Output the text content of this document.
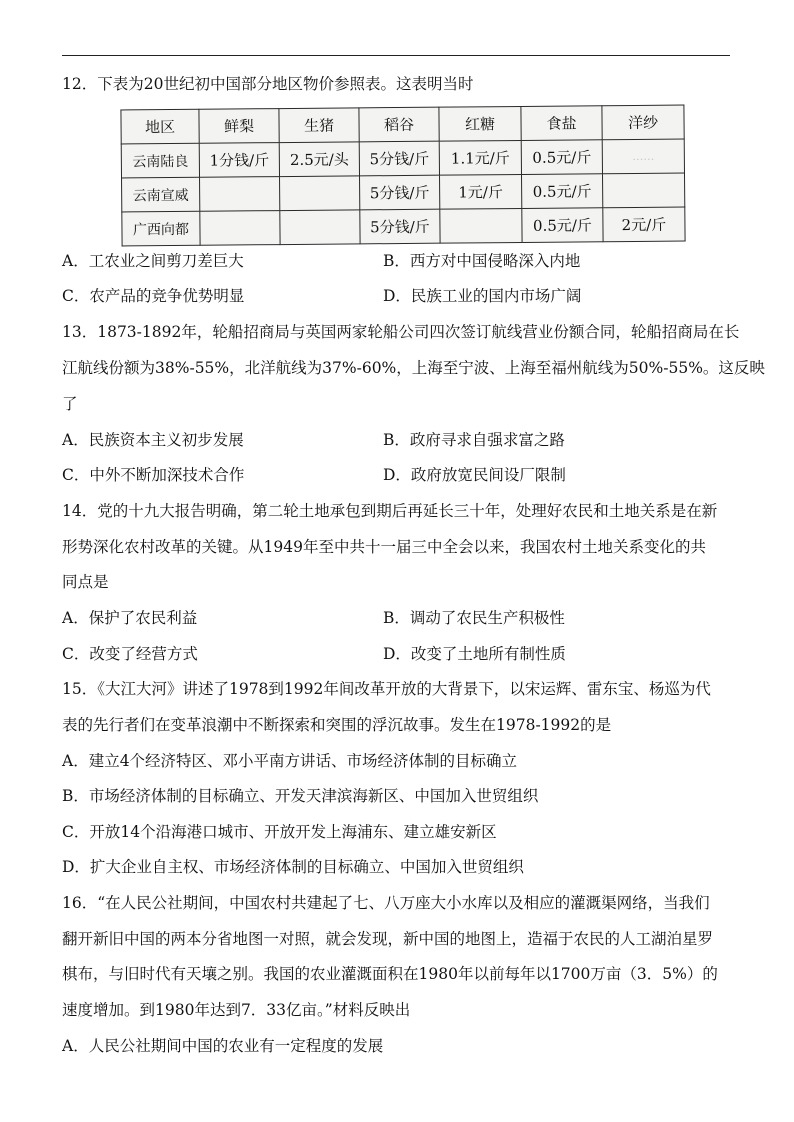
12．下表为20世纪初中国部分地区物价参照表。这表明当时
地区	鲜梨	生猪	稻谷	红糖	食盐	洋纱
云南陆良	1分钱/斤	2.5元/头	5分钱/斤	1.1元/斤	0.5元/斤	……
云南宣威			5分钱/斤	1元/斤	0.5元/斤	
广西向都			5分钱/斤		0.5元/斤	2元/斤
A．工农业之间剪刀差巨大	B．西方对中国侵略深入内地
C．农产品的竞争优势明显	D．民族工业的国内市场广阔
13．1873-1892年，轮船招商局与英国两家轮船公司四次签订航线营业份额合同，轮船招商局在长
江航线份额为38%-55%，北洋航线为37%-60%，上海至宁波、上海至福州航线为50%-55%。这反映
了
A．民族资本主义初步发展	B．政府寻求自强求富之路
C．中外不断加深技术合作	D．政府放宽民间设厂限制
14．党的十九大报告明确，第二轮土地承包到期后再延长三十年，处理好农民和土地关系是在新
形势深化农村改革的关键。从1949年至中共十一届三中全会以来，我国农村土地关系变化的共
同点是
A．保护了农民利益	B．调动了农民生产积极性
C．改变了经营方式	D．改变了土地所有制性质
15．《大江大河》讲述了1978到1992年间改革开放的大背景下，以宋运辉、雷东宝、杨巡为代
表的先行者们在变革浪潮中不断探索和突围的浮沉故事。发生在1978-1992的是
A．建立4个经济特区、邓小平南方讲话、市场经济体制的目标确立
B．市场经济体制的目标确立、开发天津滨海新区、中国加入世贸组织
C．开放14个沿海港口城市、开放开发上海浦东、建立雄安新区
D．扩大企业自主权、市场经济体制的目标确立、中国加入世贸组织
16．“在人民公社期间，中国农村共建起了七、八万座大小水库以及相应的灌溉渠网络，当我们
翻开新旧中国的两本分省地图一对照，就会发现，新中国的地图上，造福于农民的人工湖泊星罗
棋布，与旧时代有天壤之别。我国的农业灌溉面积在1980年以前每年以1700万亩（3．5%）的
速度增加。到1980年达到7．33亿亩。”材料反映出
A．人民公社期间中国的农业有一定程度的发展
